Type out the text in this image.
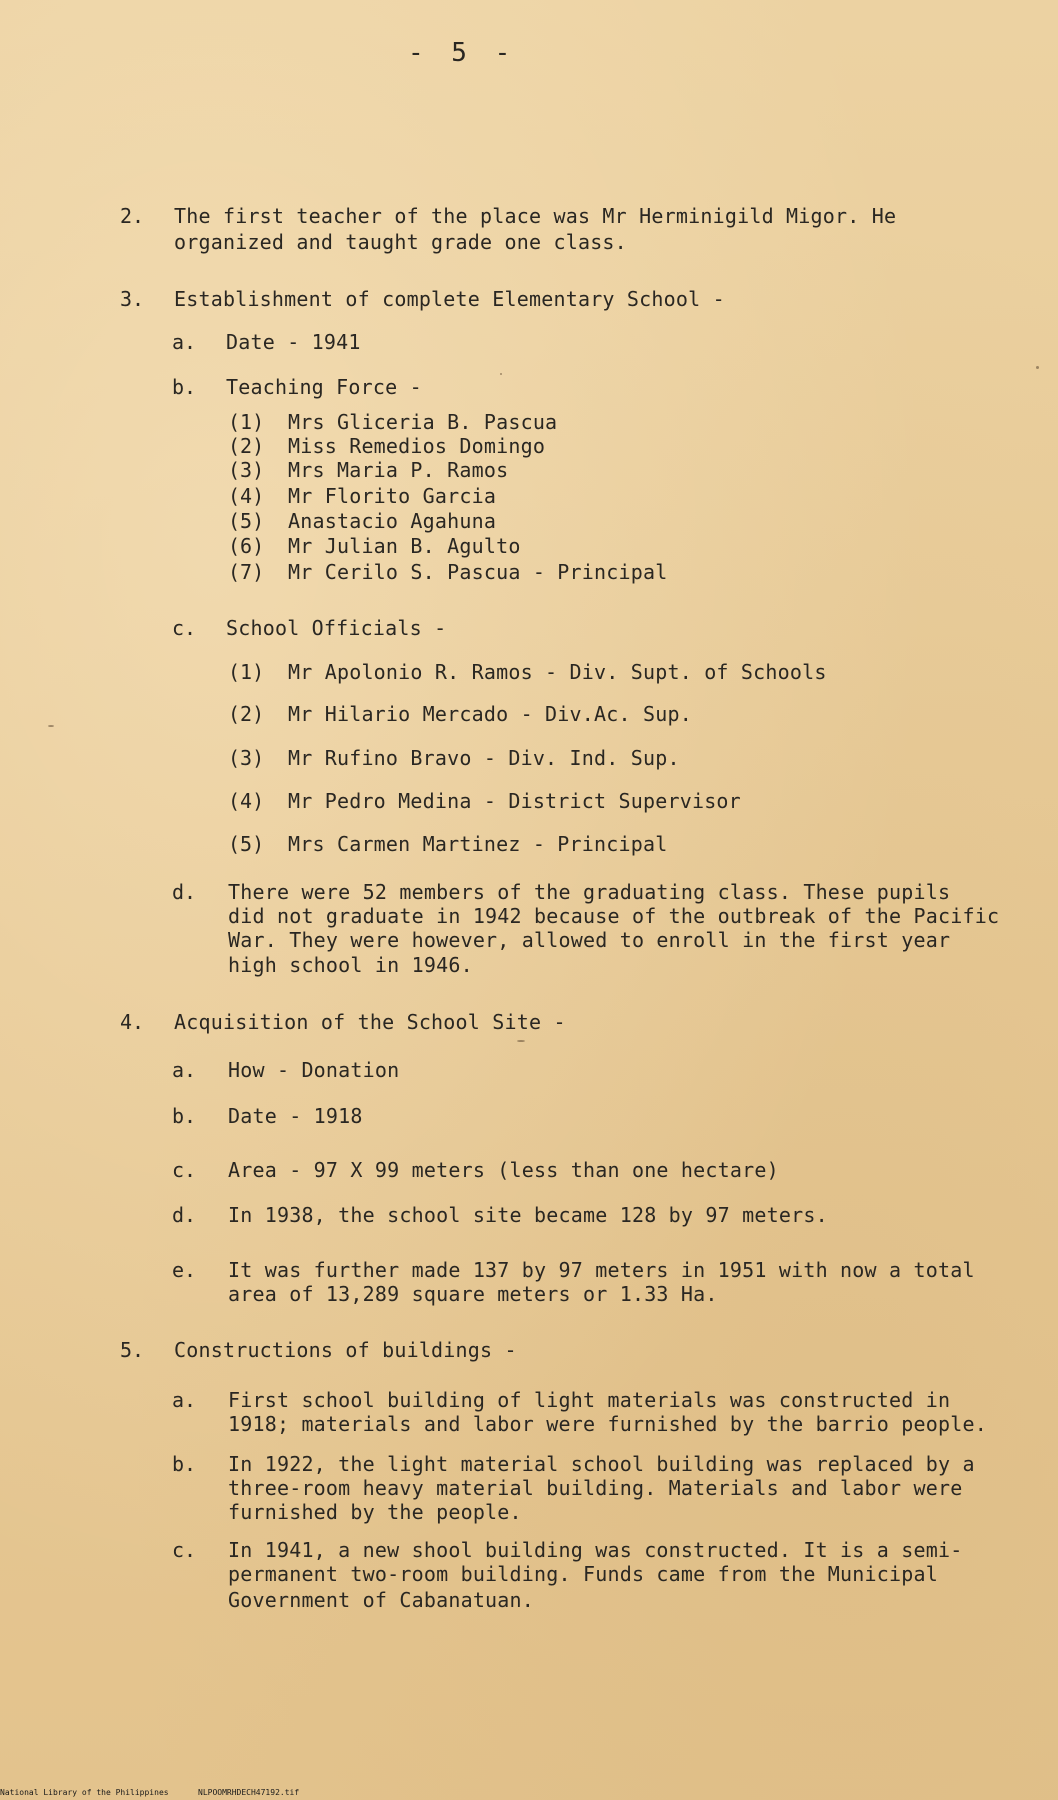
- 5 -
2. The first teacher of the place was Mr Herminigild Migor. He
organized and taught grade one class.
3. Establishment of complete Elementary School -
a. Date - 1941
b. Teaching Force -
(1) Mrs Gliceria B. Pascua
(2) Miss Remedios Domingo
(3) Mrs Maria P. Ramos
(4) Mr Florito Garcia
(5) Anastacio Agahuna
(6) Mr Julian B. Agulto
(7) Mr Cerilo S. Pascua - Principal
c. School Officials -
(1) Mr Apolonio R. Ramos - Div. Supt. of Schools
(2) Mr Hilario Mercado - Div.Ac. Sup.
(3) Mr Rufino Bravo - Div. Ind. Sup.
(4) Mr Pedro Medina - District Supervisor
(5) Mrs Carmen Martinez - Principal
d. There were 52 members of the graduating class. These pupils
did not graduate in 1942 because of the outbreak of the Pacific
War. They were however, allowed to enroll in the first year
high school in 1946.
4. Acquisition of the School Site -
a. How - Donation
b. Date - 1918
c. Area - 97 X 99 meters (less than one hectare)
d. In 1938, the school site became 128 by 97 meters.
e. It was further made 137 by 97 meters in 1951 with now a total
area of 13,289 square meters or 1.33 Ha.
5. Constructions of buildings -
a. First school building of light materials was constructed in
1918; materials and labor were furnished by the barrio people.
b. In 1922, the light material school building was replaced by a
three-room heavy material building. Materials and labor were
furnished by the people.
c. In 1941, a new shool building was constructed. It is a semi-
permanent two-room building. Funds came from the Municipal
Government of Cabanatuan.
National Library of the Philippines	NLPOOMRHDECH47192.tif
